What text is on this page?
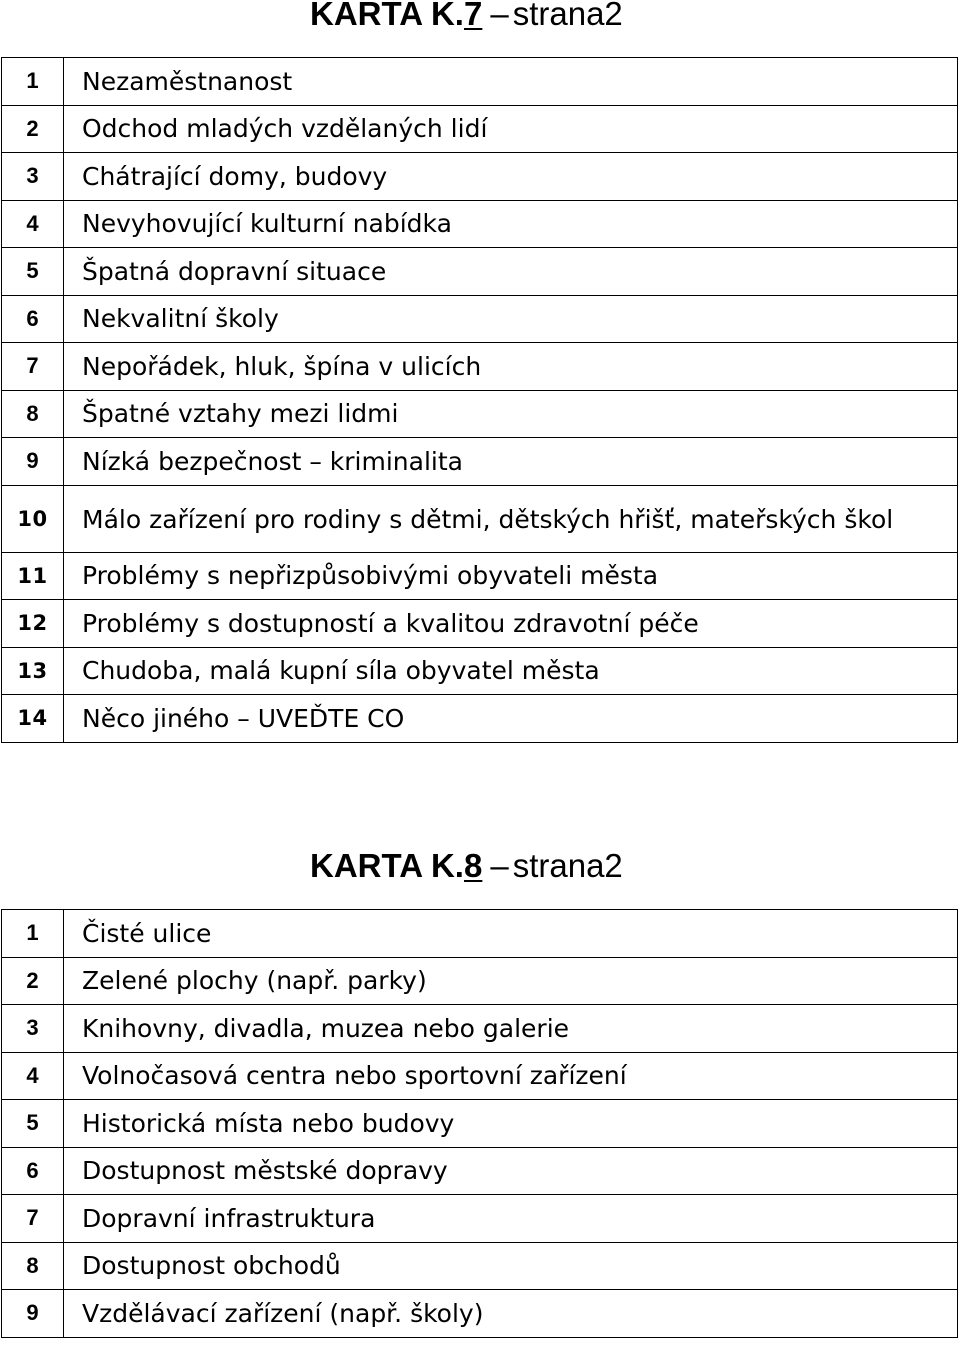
KARTA K.7 – strana2
1	Nezaměstnanost
2	Odchod mladých vzdělaných lidí
3	Chátrající domy, budovy
4	Nevyhovující kulturní nabídka
5	Špatná dopravní situace
6	Nekvalitní školy
7	Nepořádek, hluk, špína v ulicích
8	Špatné vztahy mezi lidmi
9	Nízká bezpečnost – kriminalita
10	Málo zařízení pro rodiny s dětmi, dětských hřišť, mateřských škol
11	Problémy s nepřizpůsobivými obyvateli města
12	Problémy s dostupností a kvalitou zdravotní péče
13	Chudoba, malá kupní síla obyvatel města
14	Něco jiného – UVEĎTE CO
KARTA K.8 – strana2
1	Čisté ulice
2	Zelené plochy (např. parky)
3	Knihovny, divadla, muzea nebo galerie
4	Volnočasová centra nebo sportovní zařízení
5	Historická místa nebo budovy
6	Dostupnost městské dopravy
7	Dopravní infrastruktura
8	Dostupnost obchodů
9	Vzdělávací zařízení (např. školy)
